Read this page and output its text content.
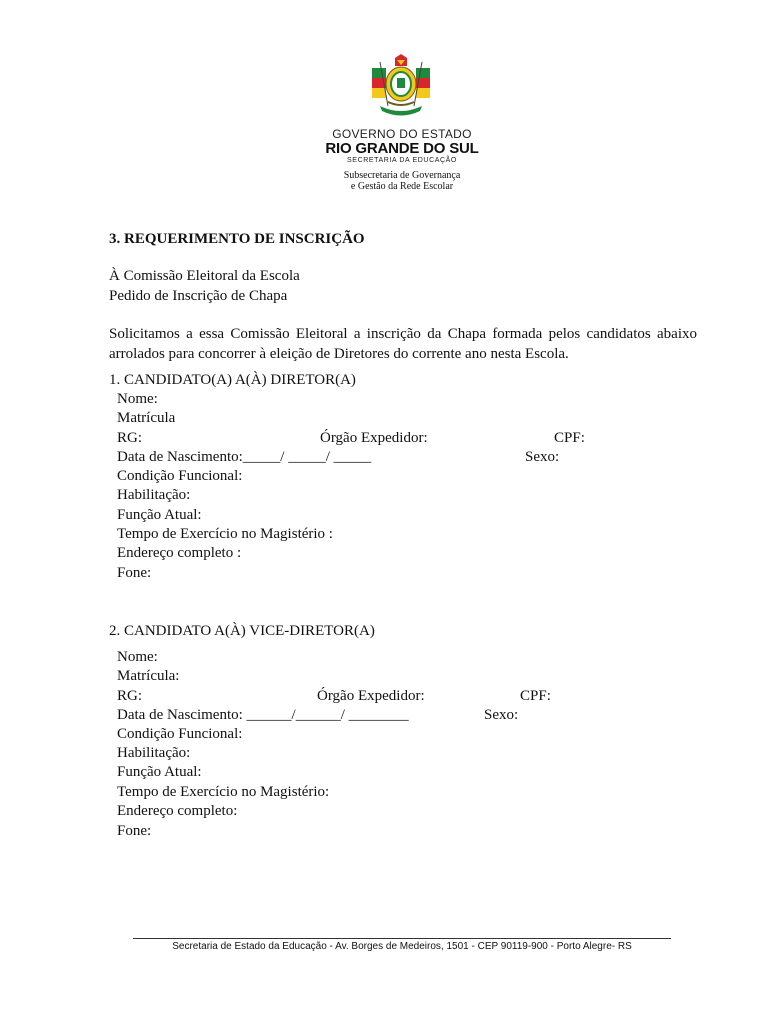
GOVERNO DO ESTADO
RIO GRANDE DO SUL
SECRETARIA DA EDUCAÇÃO
Subsecretaria de Governança
e Gestão da Rede Escolar
3. REQUERIMENTO DE INSCRIÇÃO
À Comissão Eleitoral da Escola
Pedido de Inscrição de Chapa
Solicitamos a essa Comissão Eleitoral a inscrição da Chapa formada pelos candidatos abaixo arrolados para concorrer à eleição de Diretores do corrente ano nesta Escola.
1. CANDIDATO(A) A(À) DIRETOR(A)
Nome:
Matrícula
RG:	Órgão Expedidor:	CPF:
Data de Nascimento:_____/ _____/ _____	Sexo:
Condição Funcional:
Habilitação:
Função Atual:
Tempo de Exercício no Magistério :
Endereço completo :
Fone:
2. CANDIDATO A(À) VICE-DIRETOR(A)
Nome:
Matrícula:
RG:	Órgão Expedidor:	CPF:
Data de Nascimento: ______/______/ ________	Sexo:
Condição Funcional:
Habilitação:
Função Atual:
Tempo de Exercício no Magistério:
Endereço completo:
Fone:
Secretaria de Estado da Educação - Av. Borges de Medeiros, 1501 - CEP 90119-900 - Porto Alegre- RS
